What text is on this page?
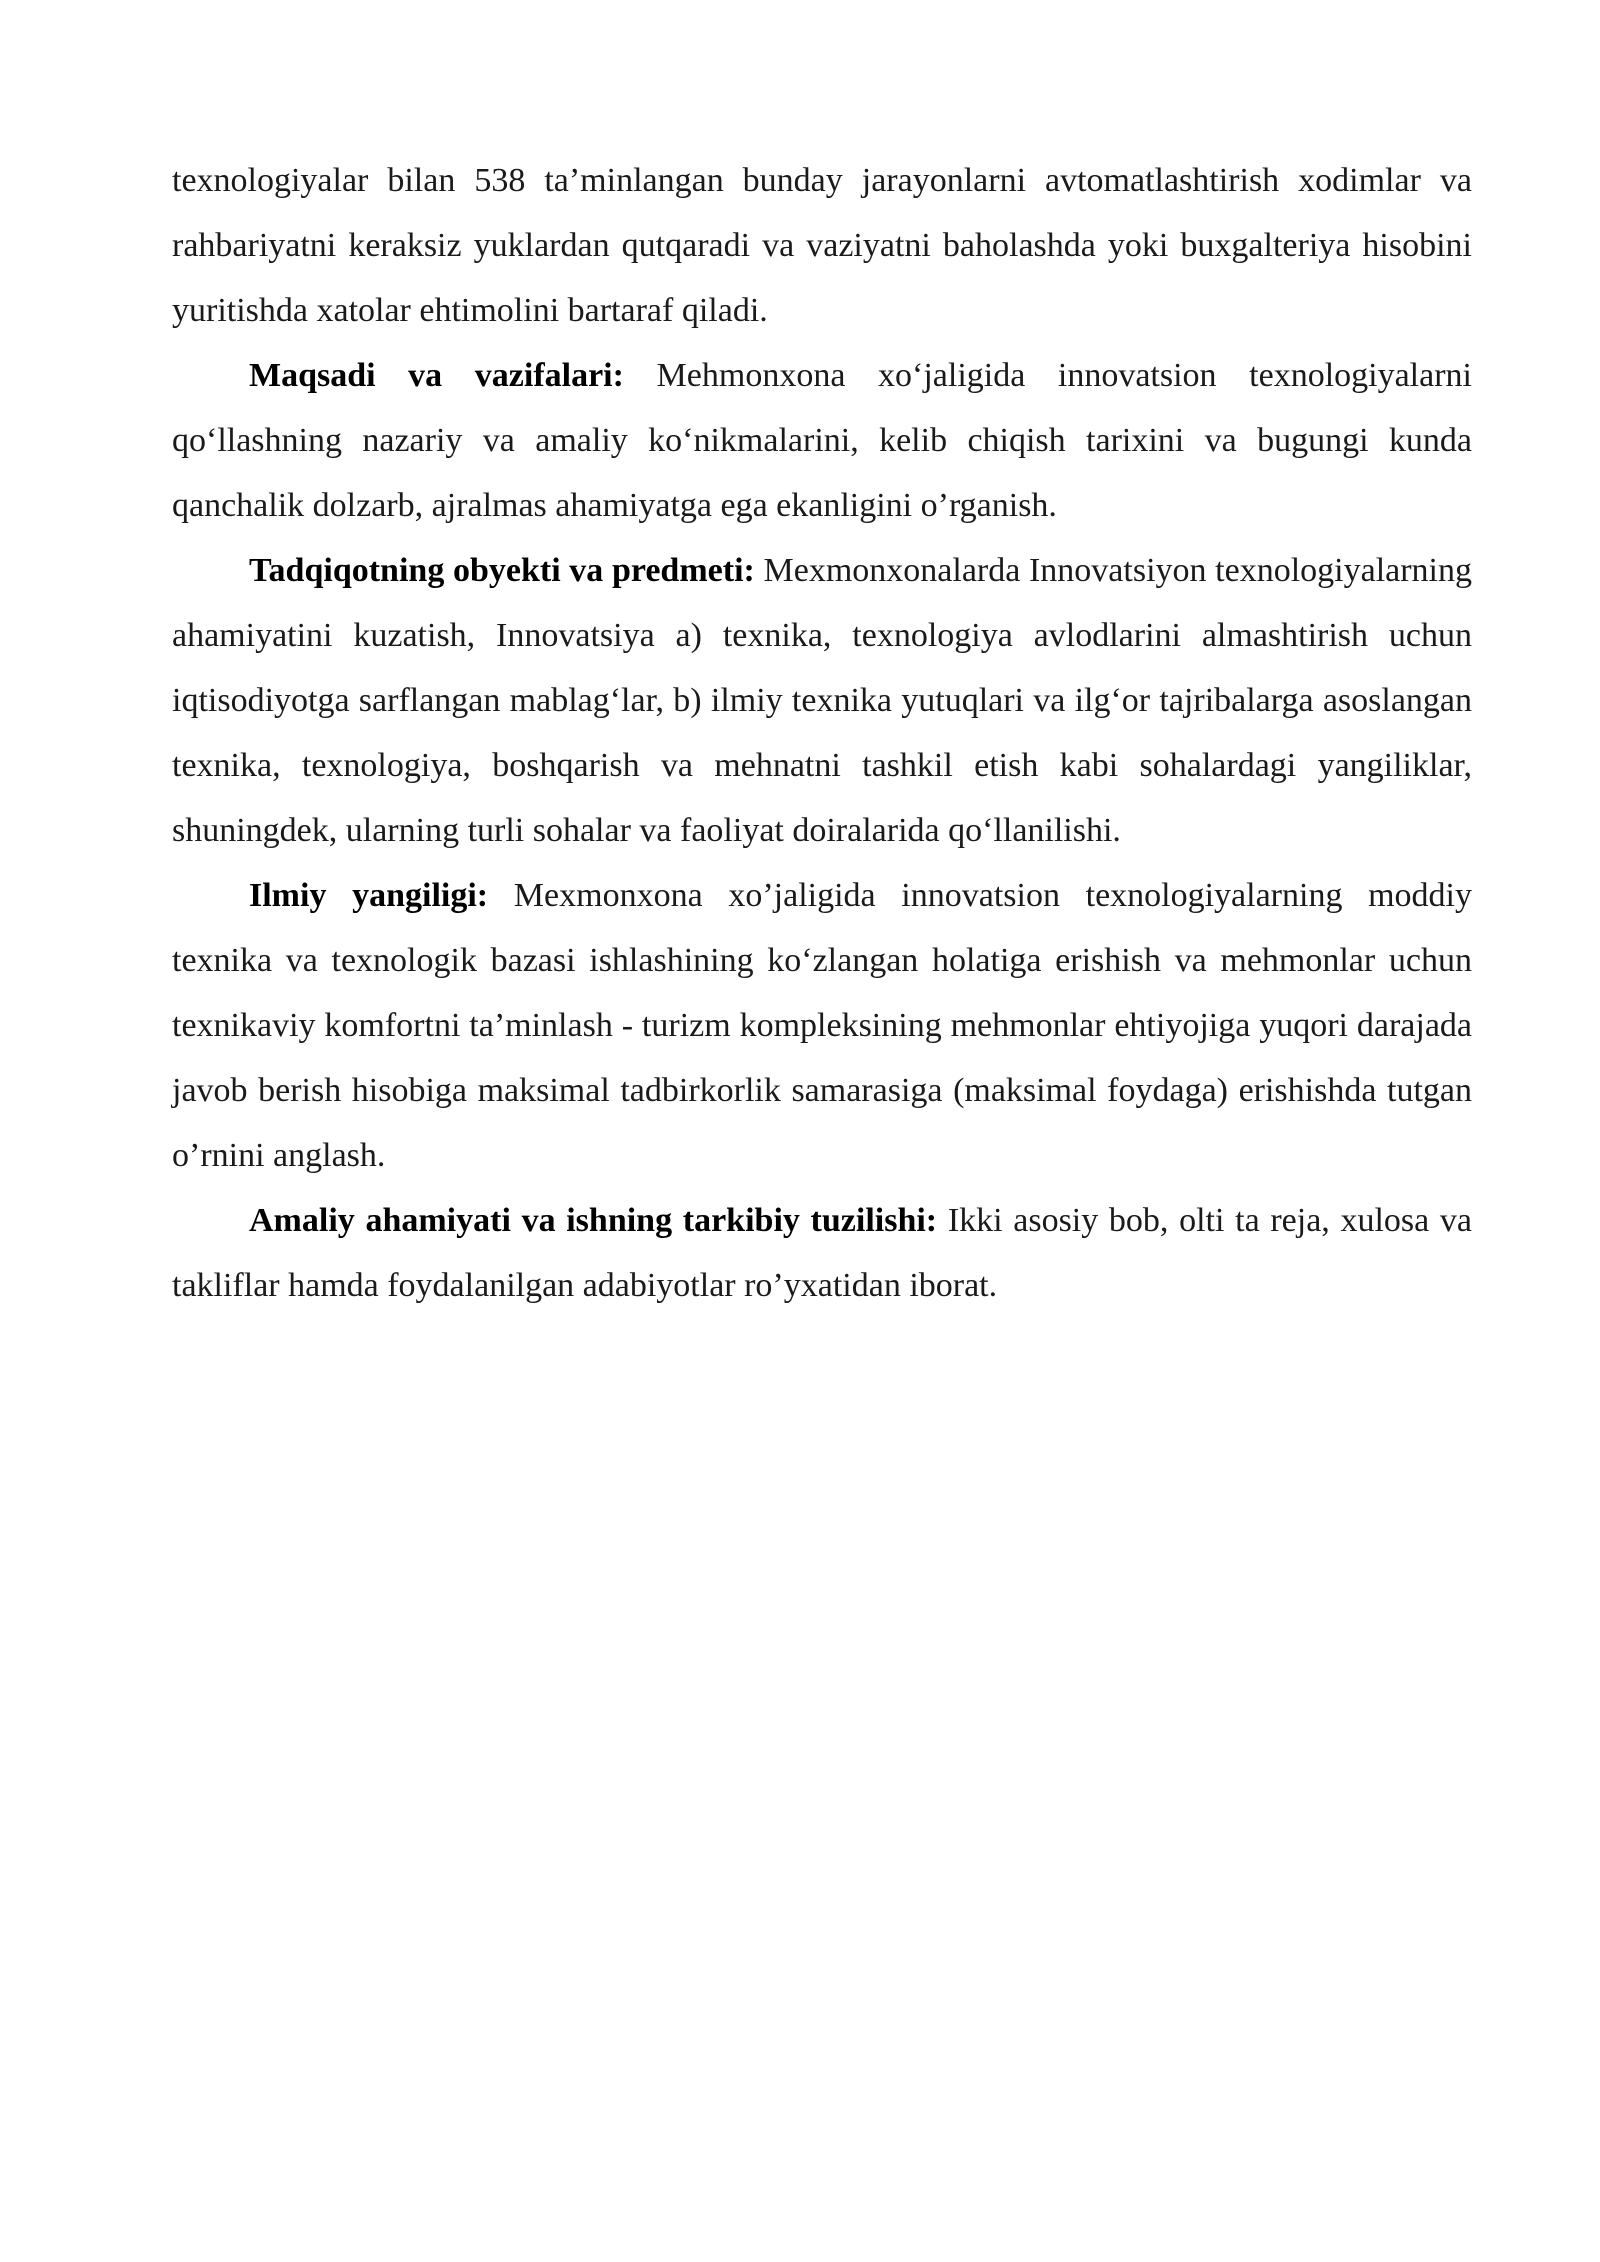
texnologiyalar bilan 538 ta’minlangan bunday jarayonlarni avtomatlashtirish xodimlar va rahbariyatni keraksiz yuklardan qutqaradi va vaziyatni baholashda yoki buxgalteriya hisobini yuritishda xatolar ehtimolini bartaraf qiladi.

Maqsadi va vazifalari: Mehmonxona xo‘jaligida innovatsion texnologiyalarni qo‘llashning nazariy va amaliy ko‘nikmalarini, kelib chiqish tarixini va bugungi kunda qanchalik dolzarb, ajralmas ahamiyatga ega ekanligini o’rganish.

Tadqiqotning obyekti va predmeti: Mexmonxonalarda Innovatsiyon texnologiyalarning ahamiyatini kuzatish, Innovatsiya a) texnika, texnologiya avlodlarini almashtirish uchun iqtisodiyotga sarflangan mablag‘lar, b) ilmiy texnika yutuqlari va ilg‘or tajribalarga asoslangan texnika, texnologiya, boshqarish va mehnatni tashkil etish kabi sohalardagi yangiliklar, shuningdek, ularning turli sohalar va faoliyat doiralarida qo‘llanilishi.

Ilmiy yangiligi: Mexmonxona xo’jaligida innovatsion texnologiyalarning moddiy texnika va texnologik bazasi ishlashining ko‘zlangan holatiga erishish va mehmonlar uchun texnikaviy komfortni ta’minlash - turizm kompleksining mehmonlar ehtiyojiga yuqori darajada javob berish hisobiga maksimal tadbirkorlik samarasiga (maksimal foydaga) erishishda tutgan o’rnini anglash.

Amaliy ahamiyati va ishning tarkibiy tuzilishi: Ikki asosiy bob, olti ta reja, xulosa va takliflar hamda foydalanilgan adabiyotlar ro’yxatidan iborat.
